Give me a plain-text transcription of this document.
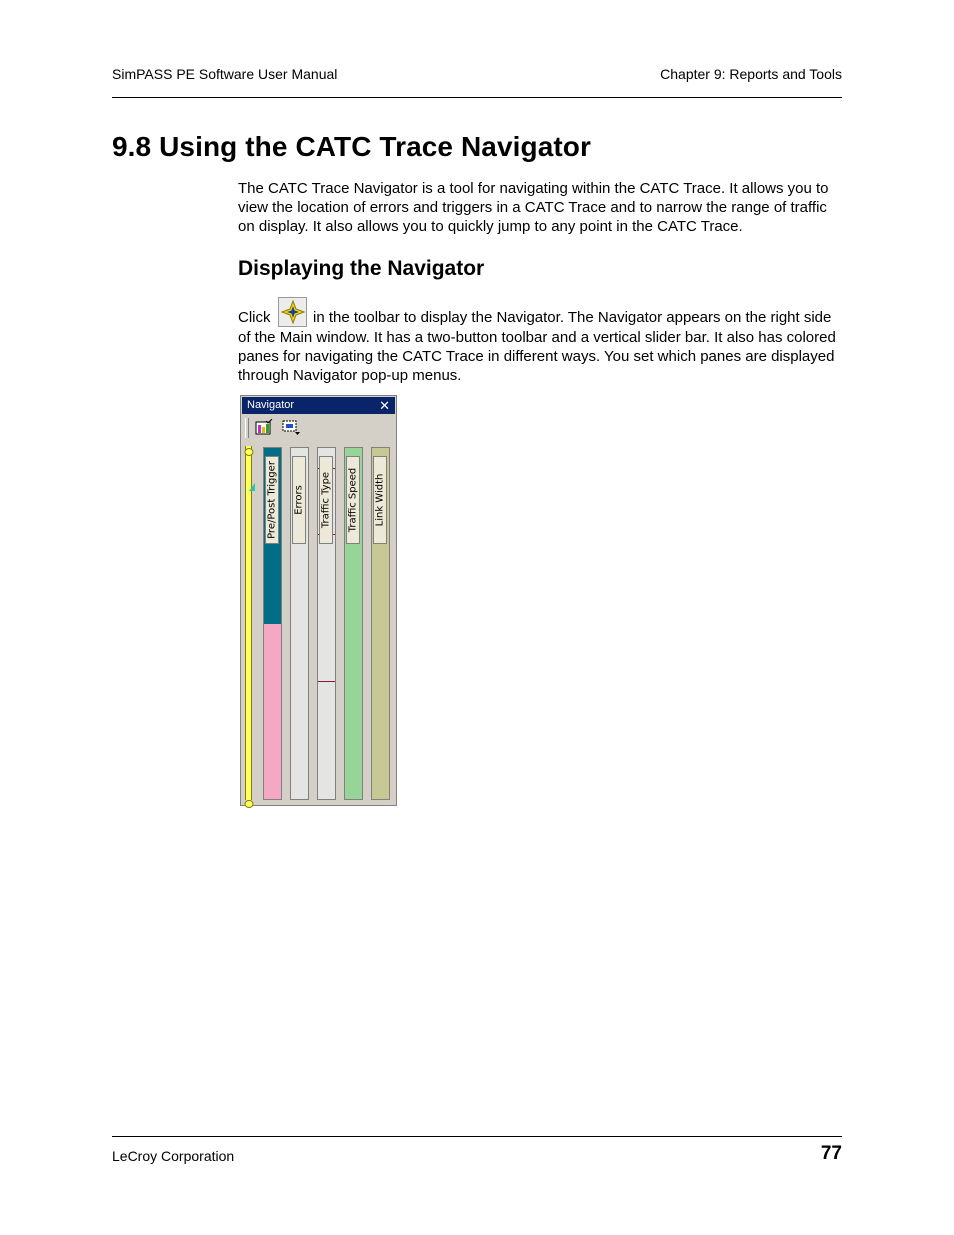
SimPASS PE Software User Manual	Chapter 9: Reports and Tools
9.8 Using the CATC Trace Navigator
The CATC Trace Navigator is a tool for navigating within the CATC Trace. It allows you to view the location of errors and triggers in a CATC Trace and to narrow the range of traffic on display. It also allows you to quickly jump to any point in the CATC Trace.
Displaying the Navigator
Click	in the toolbar to display the Navigator. The Navigator appears on the right side
of the Main window. It has a two-button toolbar and a vertical slider bar. It also has colored panes for navigating the CATC Trace in different ways. You set which panes are displayed through Navigator pop-up menus.
Navigator	✕
Pre/Post Trigger Errors Traffic Type Traffic Speed Link Width
LeCroy Corporation	77
